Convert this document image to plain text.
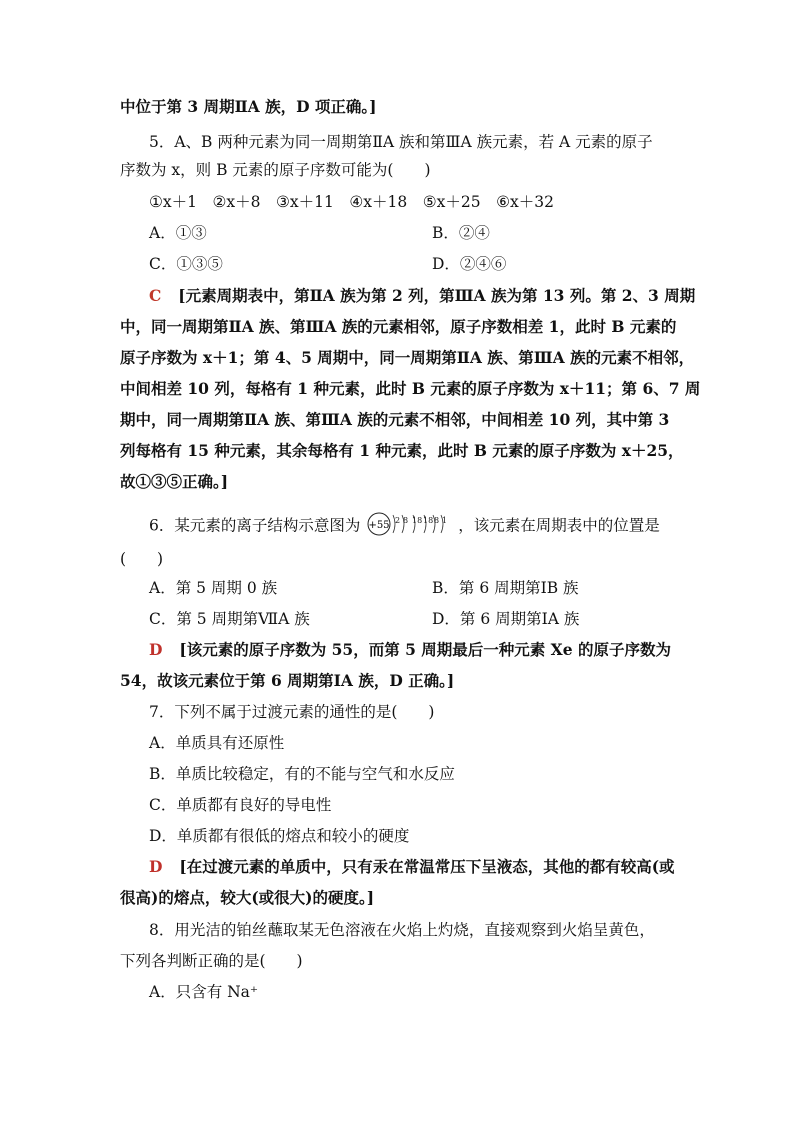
中位于第 3 周期ⅡA 族，D 项正确。]
5．A、B 两种元素为同一周期第ⅡA 族和第ⅢA 族元素，若 A 元素的原子
序数为 x，则 B 元素的原子序数可能为(　　)
①x＋1　②x＋8　③x＋11　④x＋18　⑤x＋25　⑥x＋32
A．①③	B．②④
C．①③⑤	D．②④⑥
C [元素周期表中，第ⅡA 族为第 2 列，第ⅢA 族为第 13 列。第 2、3 周期
中，同一周期第ⅡA 族、第ⅢA 族的元素相邻，原子序数相差 1，此时 B 元素的
原子序数为 x＋1；第 4、5 周期中，同一周期第ⅡA 族、第ⅢA 族的元素不相邻，
中间相差 10 列，每格有 1 种元素，此时 B 元素的原子序数为 x＋11；第 6、7 周
期中，同一周期第ⅡA 族、第ⅢA 族的元素不相邻，中间相差 10 列，其中第 3
列每格有 15 种元素，其余每格有 1 种元素，此时 B 元素的原子序数为 x＋25，
故①③⑤正确。]
6．某元素的离子结构示意图为 +55 2 8 18 18 8 1 ，该元素在周期表中的位置是
(　　)
A．第 5 周期 0 族	B．第 6 周期第ⅠB 族
C．第 5 周期第ⅦA 族	D．第 6 周期第ⅠA 族
D [该元素的原子序数为 55，而第 5 周期最后一种元素 Xe 的原子序数为
54，故该元素位于第 6 周期第ⅠA 族，D 正确。]
7．下列不属于过渡元素的通性的是(　　)
A．单质具有还原性
B．单质比较稳定，有的不能与空气和水反应
C．单质都有良好的导电性
D．单质都有很低的熔点和较小的硬度
D [在过渡元素的单质中，只有汞在常温常压下呈液态，其他的都有较高(或
很高)的熔点，较大(或很大)的硬度。]
8．用光洁的铂丝蘸取某无色溶液在火焰上灼烧，直接观察到火焰呈黄色，
下列各判断正确的是(　　)
A．只含有 Na⁺
